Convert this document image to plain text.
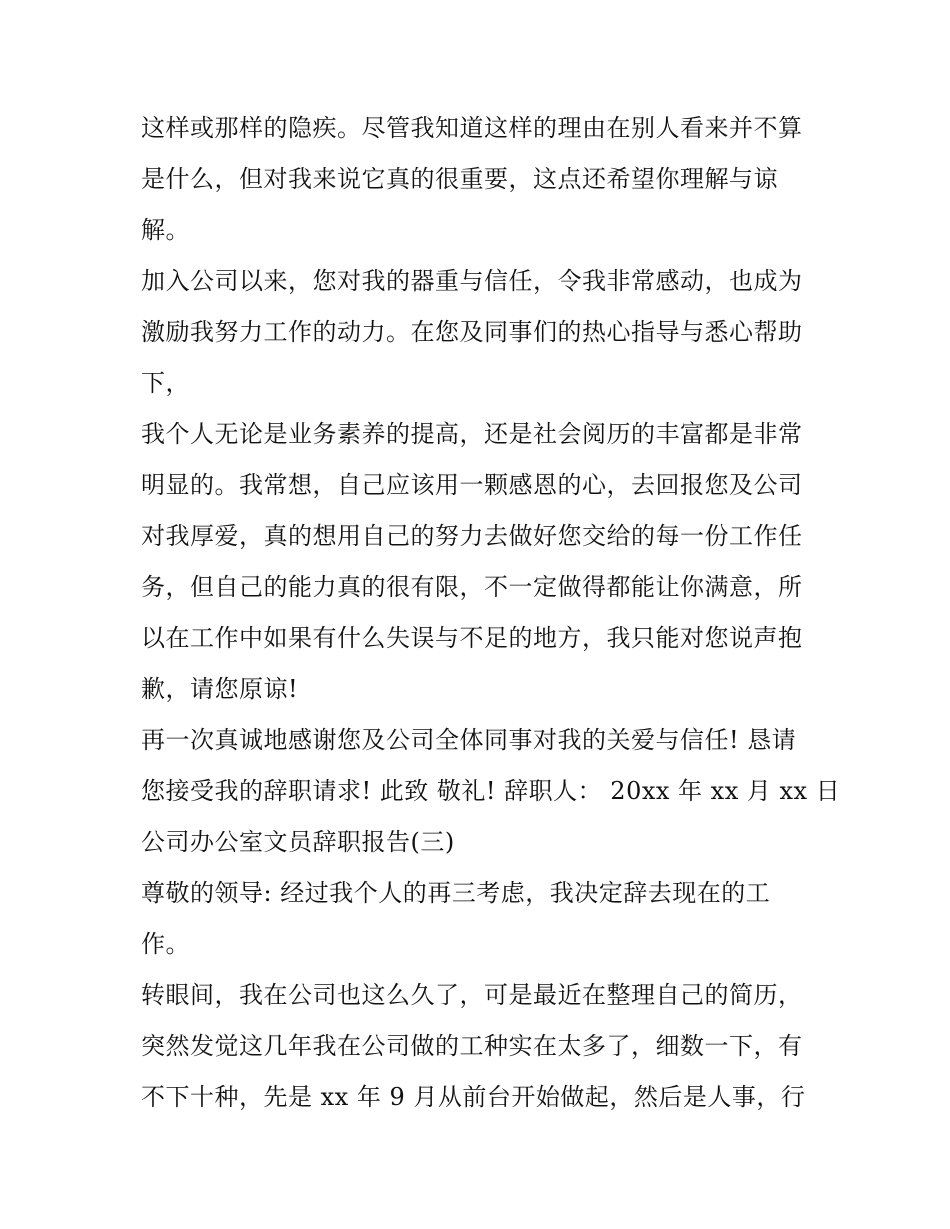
这样或那样的隐疾。尽管我知道这样的理由在别人看来并不算
是什么，但对我来说它真的很重要，这点还希望你理解与谅
解。
加入公司以来，您对我的器重与信任，令我非常感动，也成为
激励我努力工作的动力。在您及同事们的热心指导与悉心帮助
下，
我个人无论是业务素养的提高，还是社会阅历的丰富都是非常
明显的。我常想，自己应该用一颗感恩的心，去回报您及公司
对我厚爱，真的想用自己的努力去做好您交给的每一份工作任
务，但自己的能力真的很有限，不一定做得都能让你满意，所
以在工作中如果有什么失误与不足的地方，我只能对您说声抱
歉，请您原谅!
再一次真诚地感谢您及公司全体同事对我的关爱与信任! 恳请
您接受我的辞职请求! 此致 敬礼! 辞职人： 20xx 年 xx 月 xx 日
公司办公室文员辞职报告(三)
尊敬的领导: 经过我个人的再三考虑，我决定辞去现在的工
作。
转眼间，我在公司也这么久了，可是最近在整理自己的简历，
突然发觉这几年我在公司做的工种实在太多了，细数一下，有
不下十种，先是 xx 年 9 月从前台开始做起，然后是人事，行
